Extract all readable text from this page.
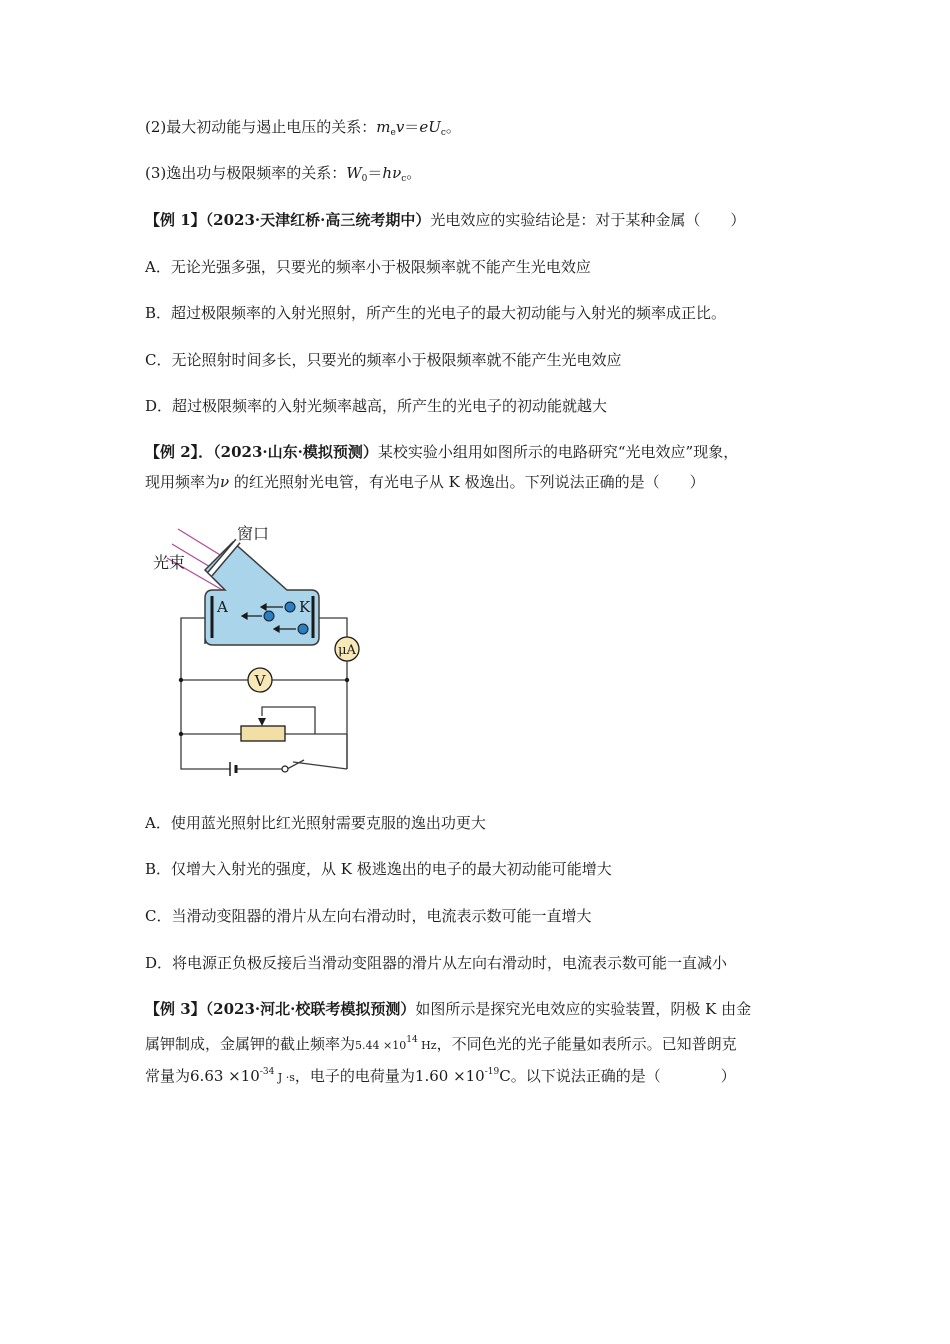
(2)最大初动能与遏止电压的关系：$m_ev=eU_c$。
(3)逸出功与极限频率的关系：$W_0=h\nu_c$。
【例 1】（2023·天津红桥·高三统考期中）光电效应的实验结论是：对于某种金属（　　）
A．无论光强多强，只要光的频率小于极限频率就不能产生光电效应
B．超过极限频率的入射光照射，所产生的光电子的最大初动能与入射光的频率成正比。
C．无论照射时间多长，只要光的频率小于极限频率就不能产生光电效应
D．超过极限频率的入射光频率越高，所产生的光电子的初动能就越大
【例 2】．（2023·山东·模拟预测）某校实验小组用如图所示的电路研究“光电效应”现象，
现用频率为ν 的红光照射光电管，有光电子从 K 极逸出。下列说法正确的是（　　）
窗口
光束
A	K
μA
V
A．使用蓝光照射比红光照射需要克服的逸出功更大
B．仅增大入射光的强度，从 K 极逃逸出的电子的最大初动能可能增大
C．当滑动变阻器的滑片从左向右滑动时，电流表示数可能一直增大
D．将电源正负极反接后当滑动变阻器的滑片从左向右滑动时，电流表示数可能一直减小
【例 3】（2023·河北·校联考模拟预测）如图所示是探究光电效应的实验装置，阴极 K 由金
属钾制成，金属钾的截止频率为$5.44 \times 10^{14}$ Hz，不同色光的光子能量如表所示。已知普朗克
常量为$6.63 \times 10^{-34}$ J ·s，电子的电荷量为$1.60 \times 10^{-19}C$。以下说法正确的是（　　　　）
